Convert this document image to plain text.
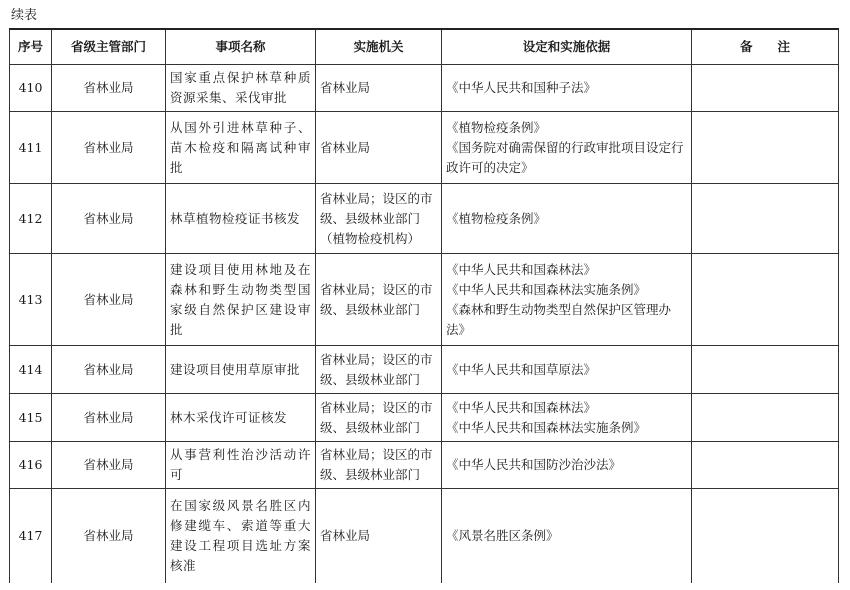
续表
序号	省级主管部门	事项名称	实施机关	设定和实施依据	备　　注
410	省林业局	国家重点保护林草种质资源采集、采伐审批	省林业局	《中华人民共和国种子法》	
411	省林业局	从国外引进林草种子、苗木检疫和隔离试种审批	省林业局	《植物检疫条例》
《国务院对确需保留的行政审批项目设定行政许可的决定》	
412	省林业局	林草植物检疫证书核发	省林业局；设区的市级、县级林业部门（植物检疫机构）	《植物检疫条例》	
413	省林业局	建设项目使用林地及在森林和野生动物类型国家级自然保护区建设审批	省林业局；设区的市级、县级林业部门	《中华人民共和国森林法》
《中华人民共和国森林法实施条例》
《森林和野生动物类型自然保护区管理办法》	
414	省林业局	建设项目使用草原审批	省林业局；设区的市级、县级林业部门	《中华人民共和国草原法》	
415	省林业局	林木采伐许可证核发	省林业局；设区的市级、县级林业部门	《中华人民共和国森林法》
《中华人民共和国森林法实施条例》	
416	省林业局	从事营利性治沙活动许可	省林业局；设区的市级、县级林业部门	《中华人民共和国防沙治沙法》	
417	省林业局	在国家级风景名胜区内修建缆车、索道等重大建设工程项目选址方案核准	省林业局	《风景名胜区条例》	
